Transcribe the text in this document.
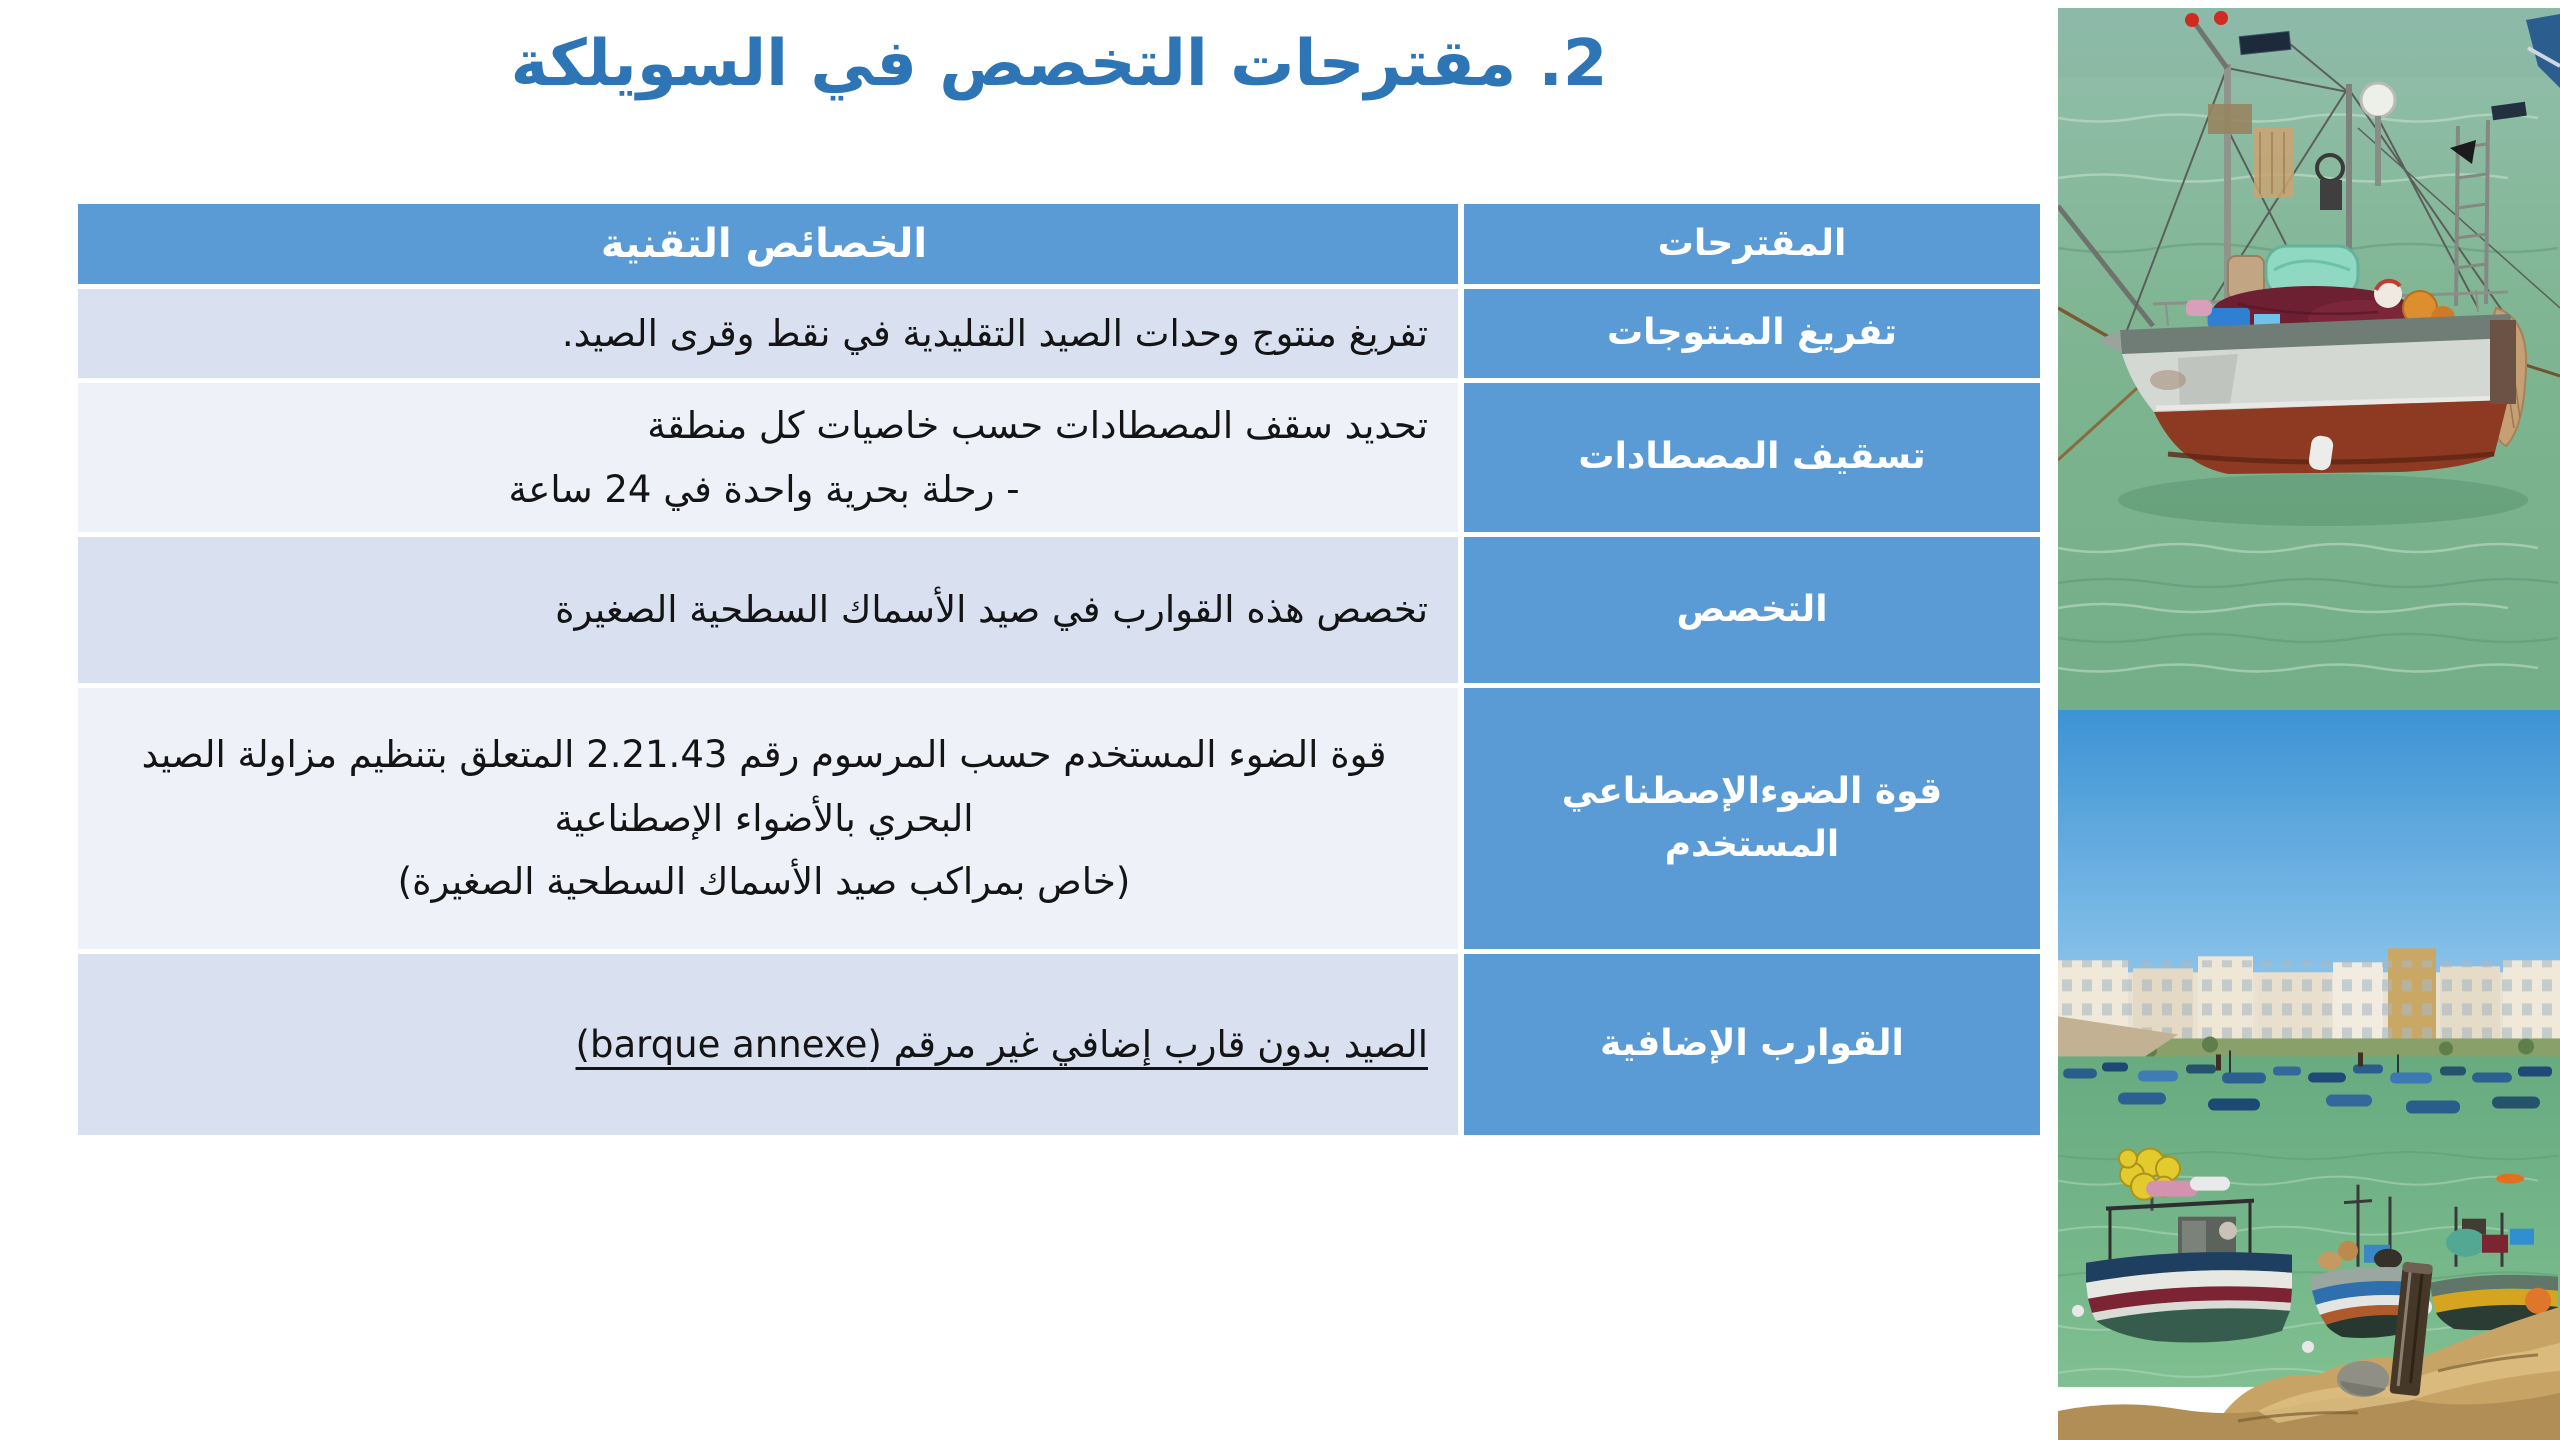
2. مقترحات التخصص في السويلكة
المقترحات
الخصائص التقنية
تفريغ المنتوجات
تفريغ منتوج وحدات الصيد التقليدية في نقط وقرى الصيد.
تسقيف المصطادات
تحديد سقف المصطادات حسب خاصيات كل منطقة
- رحلة بحرية واحدة في 24 ساعة
التخصص
تخصص هذه القوارب في صيد الأسماك السطحية الصغيرة
قوة الضوءالإصطناعي المستخدم
قوة الضوء المستخدم حسب المرسوم رقم 2.21.43 المتعلق بتنظيم مزاولة الصيد البحري بالأضواء الإصطناعية
(خاص بمراكب صيد الأسماك السطحية الصغيرة)
القوارب الإضافية
الصيد بدون قارب إضافي غير مرقم (barque annexe)
